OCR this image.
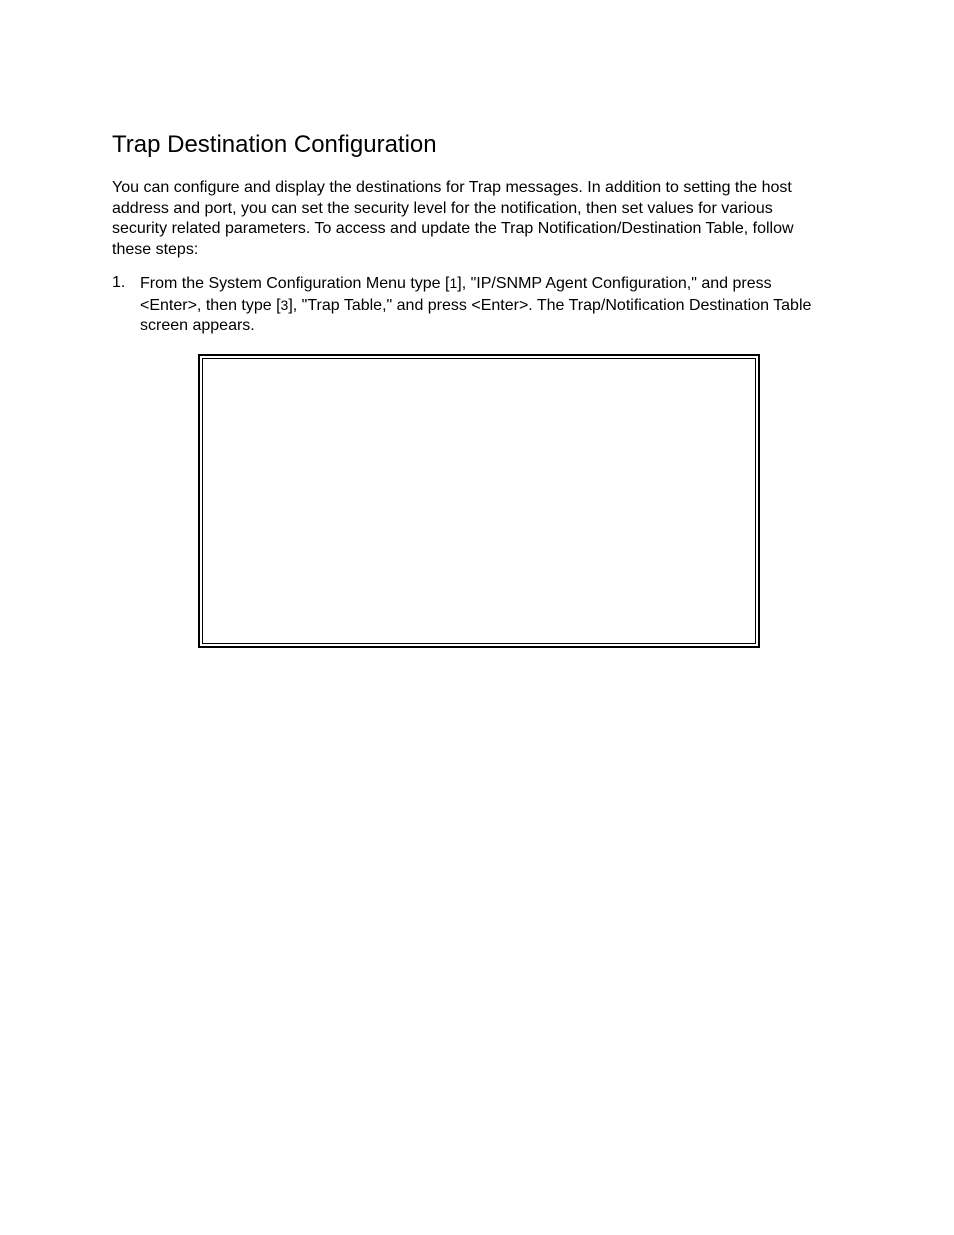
Trap Destination Configuration

You can configure and display the destinations for Trap messages. In addition to setting the host address and port, you can set the security level for the notification, then set values for various security related parameters. To access and update the Trap Notification/Destination Table, follow these steps:

1. From the System Configuration Menu type [1], "IP/SNMP Agent Configuration," and press <Enter>, then type [3], "Trap Table," and press <Enter>. The Trap/Notification Destination Table screen appears.
